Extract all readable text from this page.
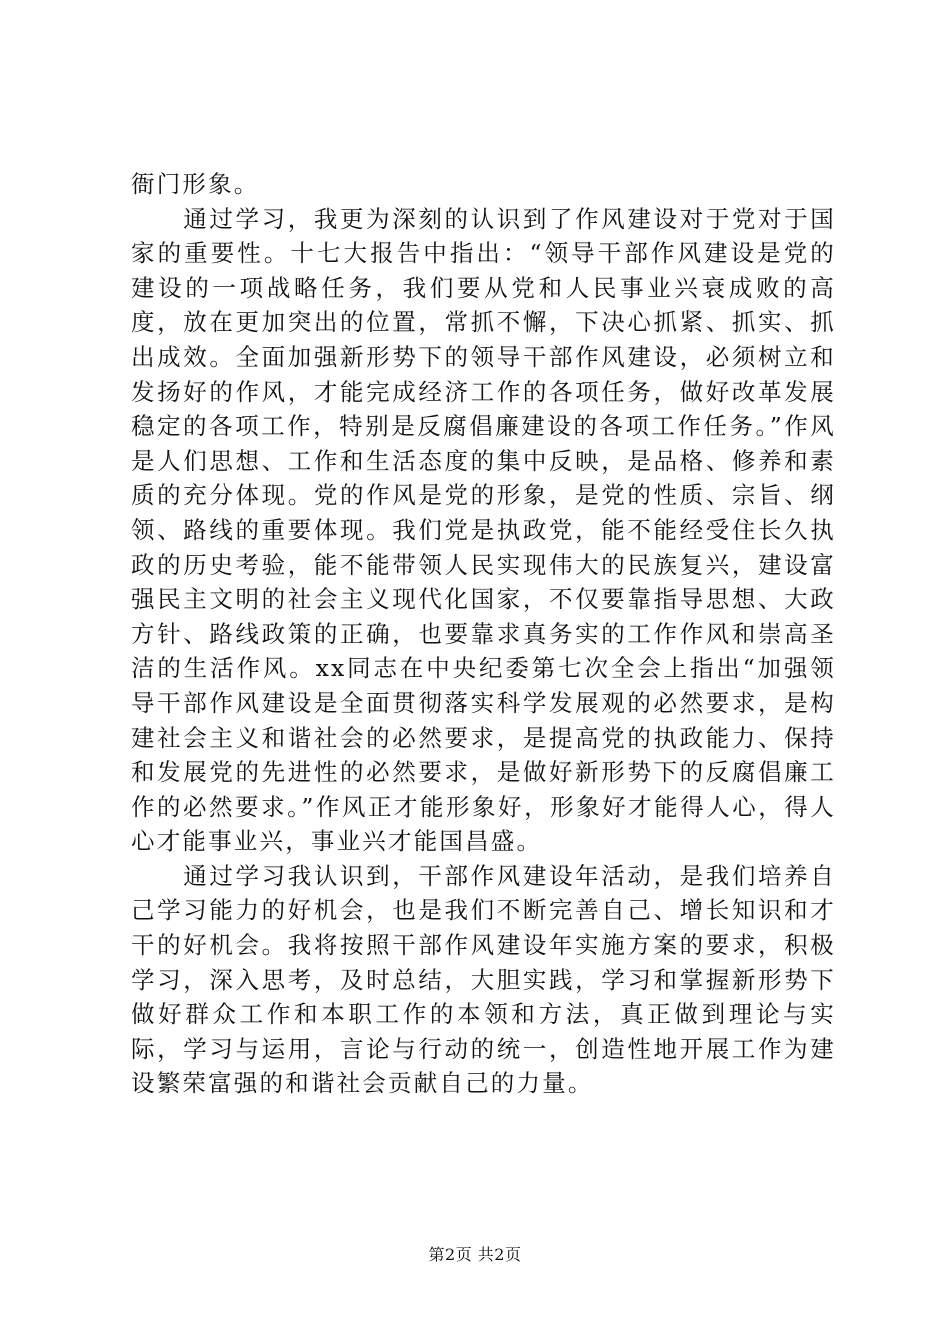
衙门形象。

　　通过学习，我更为深刻的认识到了作风建设对于党对于国家的重要性。十七大报告中指出：“领导干部作风建设是党的建设的一项战略任务，我们要从党和人民事业兴衰成败的高度，放在更加突出的位置，常抓不懈，下决心抓紧、抓实、抓出成效。全面加强新形势下的领导干部作风建设，必须树立和发扬好的作风，才能完成经济工作的各项任务，做好改革发展稳定的各项工作，特别是反腐倡廉建设的各项工作任务。”作风是人们思想、工作和生活态度的集中反映，是品格、修养和素质的充分体现。党的作风是党的形象，是党的性质、宗旨、纲领、路线的重要体现。我们党是执政党，能不能经受住长久执政的历史考验，能不能带领人民实现伟大的民族复兴，建设富强民主文明的社会主义现代化国家，不仅要靠指导思想、大政方针、路线政策的正确，也要靠求真务实的工作作风和崇高圣洁的生活作风。xx同志在中央纪委第七次全会上指出“加强领导干部作风建设是全面贯彻落实科学发展观的必然要求，是构建社会主义和谐社会的必然要求，是提高党的执政能力、保持和发展党的先进性的必然要求，是做好新形势下的反腐倡廉工作的必然要求。”作风正才能形象好，形象好才能得人心，得人心才能事业兴，事业兴才能国昌盛。

　　通过学习我认识到，干部作风建设年活动，是我们培养自己学习能力的好机会，也是我们不断完善自己、增长知识和才干的好机会。我将按照干部作风建设年实施方案的要求，积极学习，深入思考，及时总结，大胆实践，学习和掌握新形势下做好群众工作和本职工作的本领和方法，真正做到理论与实际，学习与运用，言论与行动的统一，创造性地开展工作为建设繁荣富强的和谐社会贡献自己的力量。

第2页 共2页
